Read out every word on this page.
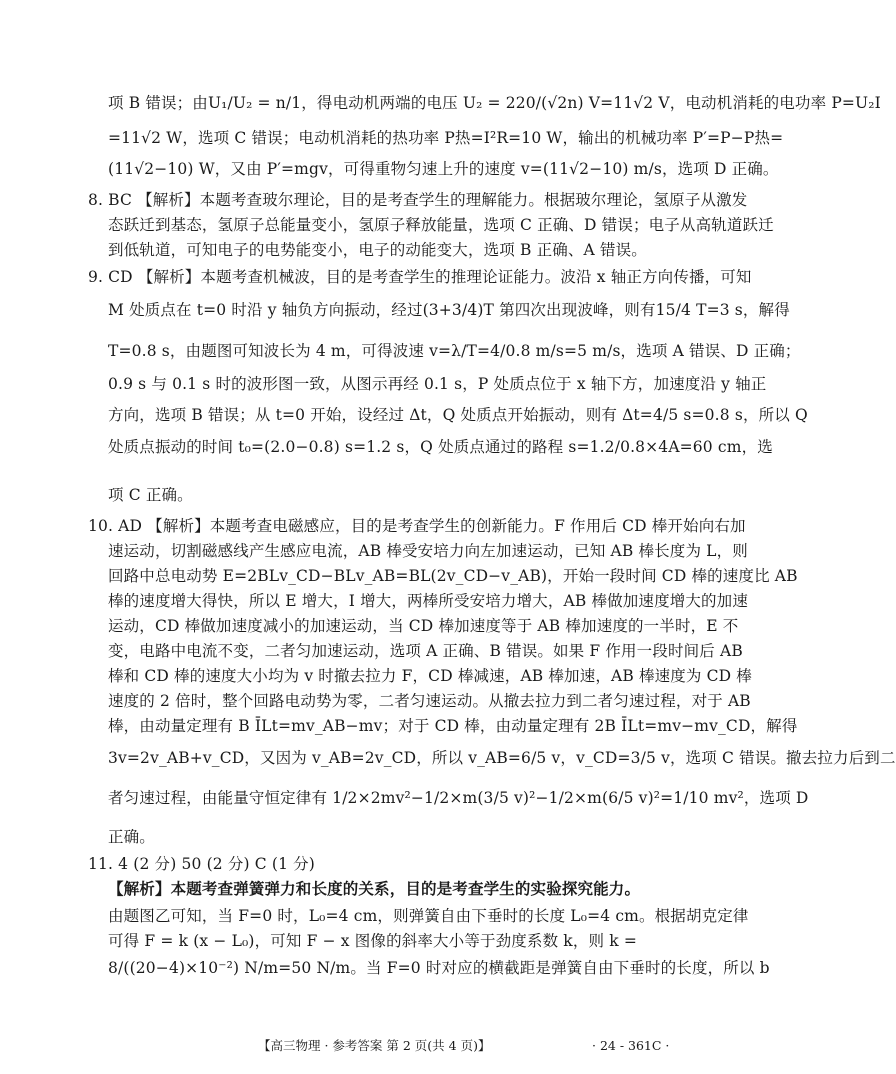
项 B 错误；由U₁/U₂ = n/1，得电动机两端的电压 U₂ = 220/(√2n) V=11√2 V，电动机消耗的电功率 P=U₂I
=11√2 W，选项 C 错误；电动机消耗的热功率 P热=I²R=10 W，输出的机械功率 P′=P−P热=
(11√2−10) W，又由 P′=mgv，可得重物匀速上升的速度 v=(11√2−10) m/s，选项 D 正确。
8. BC 【解析】本题考查玻尔理论，目的是考查学生的理解能力。根据玻尔理论，氢原子从激发
态跃迁到基态，氢原子总能量变小，氢原子释放能量，选项 C 正确、D 错误；电子从高轨道跃迁
到低轨道，可知电子的电势能变小，电子的动能变大，选项 B 正确、A 错误。
9. CD 【解析】本题考查机械波，目的是考查学生的推理论证能力。波沿 x 轴正方向传播，可知
M 处质点在 t=0 时沿 y 轴负方向振动，经过(3+3/4)T 第四次出现波峰，则有15/4 T=3 s，解得
T=0.8 s，由题图可知波长为 4 m，可得波速 v=λ/T=4/0.8 m/s=5 m/s，选项 A 错误、D 正确；
0.9 s 与 0.1 s 时的波形图一致，从图示再经 0.1 s，P 处质点位于 x 轴下方，加速度沿 y 轴正
方向，选项 B 错误；从 t=0 开始，设经过 Δt，Q 处质点开始振动，则有 Δt=4/5 s=0.8 s，所以 Q
处质点振动的时间 t₀=(2.0−0.8) s=1.2 s，Q 处质点通过的路程 s=1.2/0.8×4A=60 cm，选
项 C 正确。
10. AD 【解析】本题考查电磁感应，目的是考查学生的创新能力。F 作用后 CD 棒开始向右加
速运动，切割磁感线产生感应电流，AB 棒受安培力向左加速运动，已知 AB 棒长度为 L，则
回路中总电动势 E=2BLv_CD−BLv_AB=BL(2v_CD−v_AB)，开始一段时间 CD 棒的速度比 AB
棒的速度增大得快，所以 E 增大，I 增大，两棒所受安培力增大，AB 棒做加速度增大的加速
运动，CD 棒做加速度减小的加速运动，当 CD 棒加速度等于 AB 棒加速度的一半时，E 不
变，电路中电流不变，二者匀加速运动，选项 A 正确、B 错误。如果 F 作用一段时间后 AB
棒和 CD 棒的速度大小均为 v 时撤去拉力 F，CD 棒减速，AB 棒加速，AB 棒速度为 CD 棒
速度的 2 倍时，整个回路电动势为零，二者匀速运动。从撤去拉力到二者匀速过程，对于 AB
棒，由动量定理有 B ĪLt=mv_AB−mv；对于 CD 棒，由动量定理有 2B ĪLt=mv−mv_CD，解得
3v=2v_AB+v_CD，又因为 v_AB=2v_CD，所以 v_AB=6/5 v，v_CD=3/5 v，选项 C 错误。撤去拉力后到二
者匀速过程，由能量守恒定律有 1/2×2mv²−1/2×m(3/5 v)²−1/2×m(6/5 v)²=1/10 mv²，选项 D
正确。
11. 4 (2 分) 50 (2 分) C (1 分)
【解析】本题考查弹簧弹力和长度的关系，目的是考查学生的实验探究能力。
由题图乙可知，当 F=0 时，L₀=4 cm，则弹簧自由下垂时的长度 L₀=4 cm。根据胡克定律
可得 F = k (x − L₀)，可知 F − x 图像的斜率大小等于劲度系数 k，则 k =
8/((20−4)×10⁻²) N/m=50 N/m。当 F=0 时对应的横截距是弹簧自由下垂时的长度，所以 b
【高三物理 · 参考答案 第 2 页(共 4 页)】	· 24 - 361C ·
